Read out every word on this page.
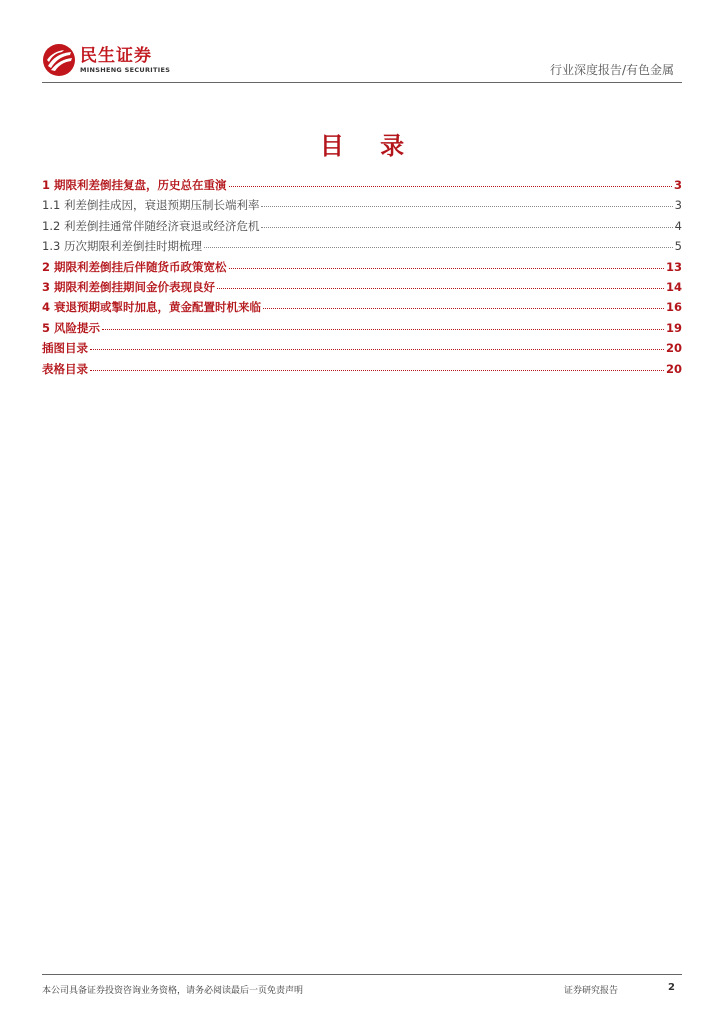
民生证券
MINSHENG SECURITIES	行业深度报告/有色金属
目 录
1 期限利差倒挂复盘，历史总在重演	3
1.1 利差倒挂成因，衰退预期压制长端利率	3
1.2 利差倒挂通常伴随经济衰退或经济危机	4
1.3 历次期限利差倒挂时期梳理	5
2 期限利差倒挂后伴随货币政策宽松	13
3 期限利差倒挂期间金价表现良好	14
4 衰退预期或掣时加息，黄金配置时机来临	16
5 风险提示	19
插图目录	20
表格目录	20
本公司具备证券投资咨询业务资格，请务必阅读最后一页免责声明	证券研究报告	2
